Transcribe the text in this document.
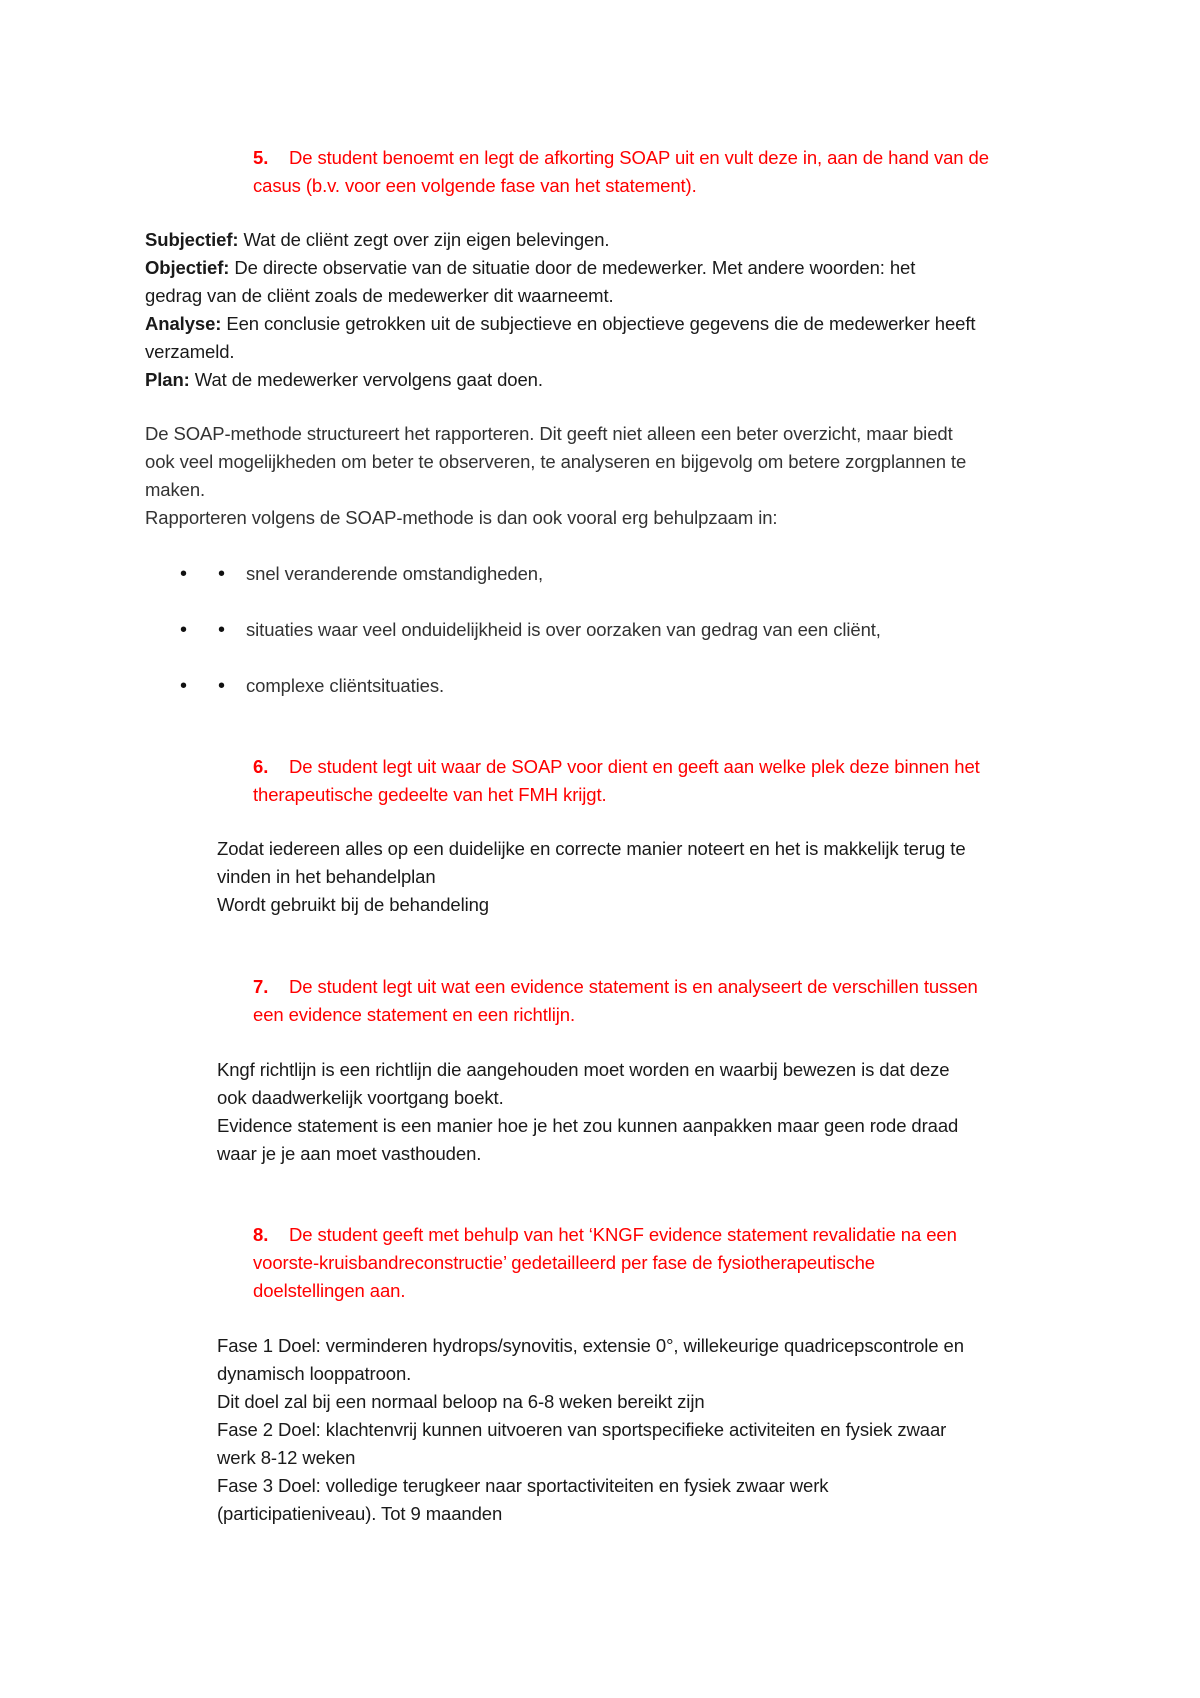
5. De student benoemt en legt de afkorting SOAP uit en vult deze in, aan de hand van de
casus (b.v. voor een volgende fase van het statement).
Subjectief: Wat de cliënt zegt over zijn eigen belevingen.
Objectief: De directe observatie van de situatie door de medewerker. Met andere woorden: het
gedrag van de cliënt zoals de medewerker dit waarneemt.
Analyse: Een conclusie getrokken uit de subjectieve en objectieve gegevens die de medewerker heeft
verzameld.
Plan: Wat de medewerker vervolgens gaat doen.
De SOAP-methode structureert het rapporteren. Dit geeft niet alleen een beter overzicht, maar biedt
ook veel mogelijkheden om beter te observeren, te analyseren en bijgevolg om betere zorgplannen te
maken.
Rapporteren volgens de SOAP-methode is dan ook vooral erg behulpzaam in:
• • snel veranderende omstandigheden,
• • situaties waar veel onduidelijkheid is over oorzaken van gedrag van een cliënt,
• • complexe cliëntsituaties.
6. De student legt uit waar de SOAP voor dient en geeft aan welke plek deze binnen het
therapeutische gedeelte van het FMH krijgt.
Zodat iedereen alles op een duidelijke en correcte manier noteert en het is makkelijk terug te
vinden in het behandelplan
Wordt gebruikt bij de behandeling
7. De student legt uit wat een evidence statement is en analyseert de verschillen tussen
een evidence statement en een richtlijn.
Kngf richtlijn is een richtlijn die aangehouden moet worden en waarbij bewezen is dat deze
ook daadwerkelijk voortgang boekt.
Evidence statement is een manier hoe je het zou kunnen aanpakken maar geen rode draad
waar je je aan moet vasthouden.
8. De student geeft met behulp van het ‘KNGF evidence statement revalidatie na een
voorste-kruisbandreconstructie’ gedetailleerd per fase de fysiotherapeutische
doelstellingen aan.
Fase 1 Doel: verminderen hydrops/synovitis, extensie 0°, willekeurige quadricepscontrole en
dynamisch looppatroon.
Dit doel zal bij een normaal beloop na 6-8 weken bereikt zijn
Fase 2 Doel: klachtenvrij kunnen uitvoeren van sportspecifieke activiteiten en fysiek zwaar
werk 8-12 weken
Fase 3 Doel: volledige terugkeer naar sportactiviteiten en fysiek zwaar werk
(participatieniveau). Tot 9 maanden
